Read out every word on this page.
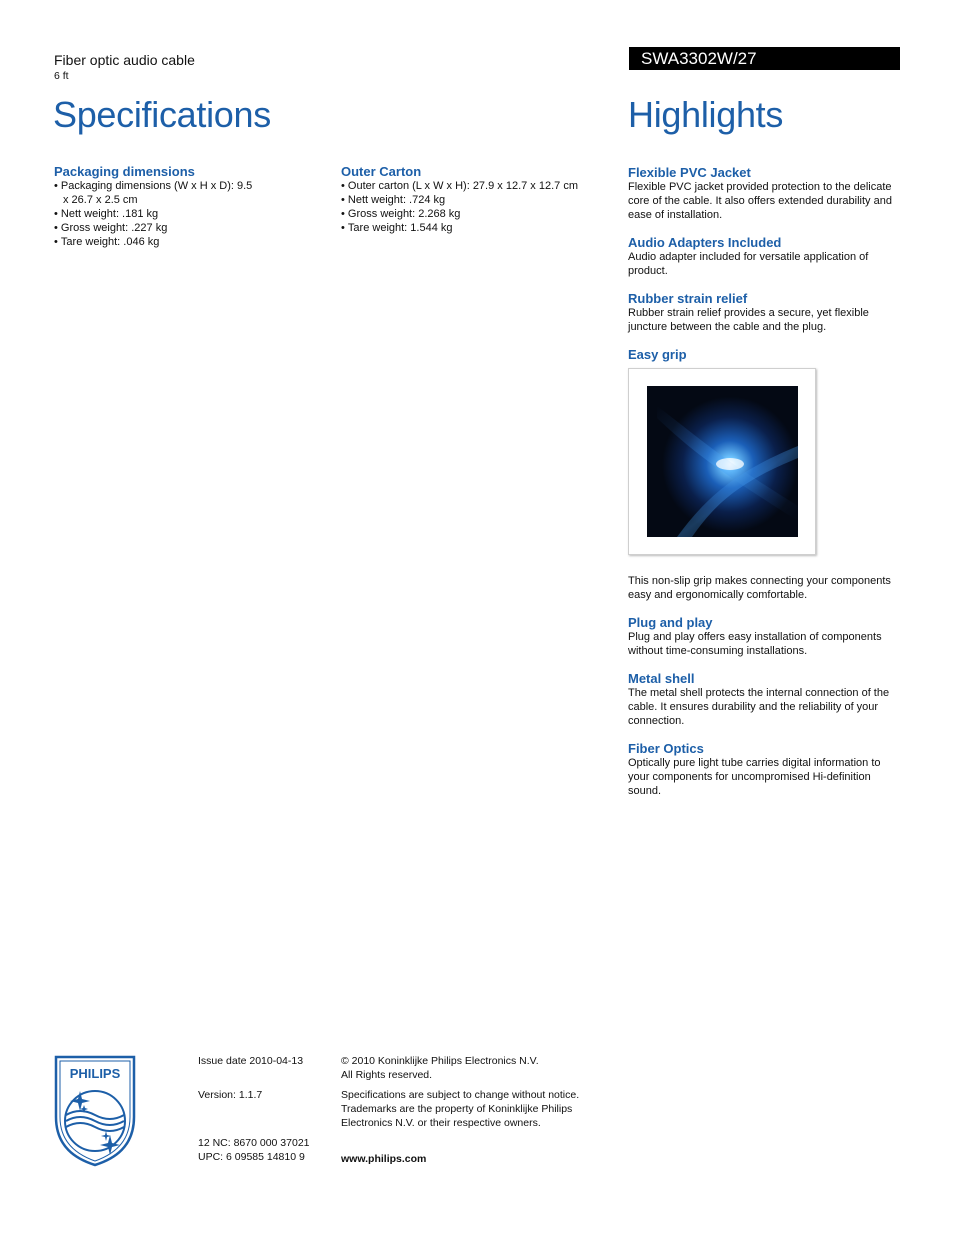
Fiber optic audio cable
6 ft
SWA3302W/27
Specifications	Highlights
Packaging dimensions
• Packaging dimensions (W x H x D): 9.5 x 26.7 x 2.5 cm
• Nett weight: .181 kg
• Gross weight: .227 kg
• Tare weight: .046 kg
Outer Carton
• Outer carton (L x W x H): 27.9 x 12.7 x 12.7 cm
• Nett weight: .724 kg
• Gross weight: 2.268 kg
• Tare weight: 1.544 kg
Flexible PVC Jacket

Flexible PVC jacket provided protection to the delicate core of the cable. It also offers extended durability and ease of installation.

Audio Adapters Included

Audio adapter included for versatile application of product.

Rubber strain relief

Rubber strain relief provides a secure, yet flexible juncture between the cable and the plug.

Easy grip

This non-slip grip makes connecting your components easy and ergonomically comfortable.

Plug and play

Plug and play offers easy installation of components without time-consuming installations.

Metal shell

The metal shell protects the internal connection of the cable. It ensures durability and the reliability of your connection.

Fiber Optics

Optically pure light tube carries digital information to your components for uncompromised Hi-definition sound.

PHILIPS

Issue date 2010-04-13

Version: 1.1.7

12 NC: 8670 000 37021

UPC: 6 09585 14810 9

© 2010 Koninklijke Philips Electronics N.V.

All Rights reserved.

Specifications are subject to change without notice. Trademarks are the property of Koninklijke Philips Electronics N.V. or their respective owners.

www.philips.com
